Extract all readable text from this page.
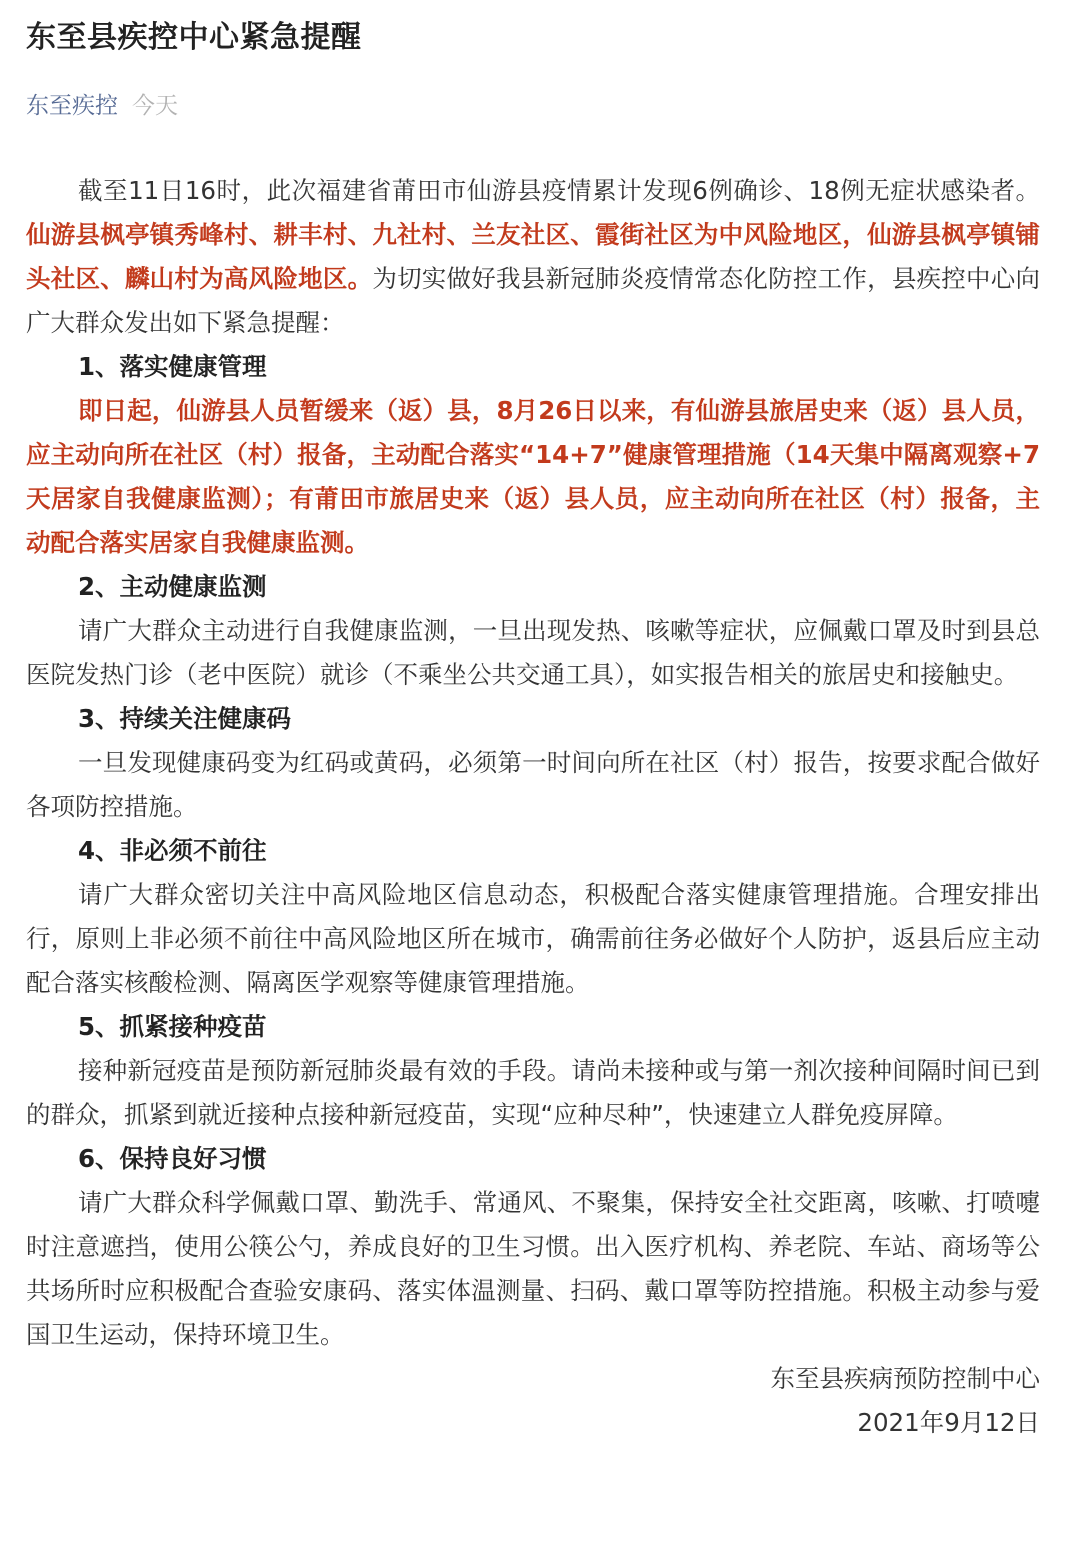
东至县疾控中心紧急提醒
东至疾控 今天

截至11日16时，此次福建省莆田市仙游县疫情累计发现6例确诊、18例无症状感染者。仙游县枫亭镇秀峰村、耕丰村、九社村、兰友社区、霞街社区为中风险地区，仙游县枫亭镇铺头社区、麟山村为高风险地区。为切实做好我县新冠肺炎疫情常态化防控工作，县疾控中心向广大群众发出如下紧急提醒：

1、落实健康管理

即日起，仙游县人员暂缓来（返）县，8月26日以来，有仙游县旅居史来（返）县人员，应主动向所在社区（村）报备，主动配合落实“14+7”健康管理措施（14天集中隔离观察+7天居家自我健康监测）；有莆田市旅居史来（返）县人员，应主动向所在社区（村）报备，主动配合落实居家自我健康监测。

2、主动健康监测

请广大群众主动进行自我健康监测，一旦出现发热、咳嗽等症状，应佩戴口罩及时到县总医院发热门诊（老中医院）就诊（不乘坐公共交通工具），如实报告相关的旅居史和接触史。

3、持续关注健康码

一旦发现健康码变为红码或黄码，必须第一时间向所在社区（村）报告，按要求配合做好各项防控措施。

4、非必须不前往

请广大群众密切关注中高风险地区信息动态，积极配合落实健康管理措施。合理安排出行，原则上非必须不前往中高风险地区所在城市，确需前往务必做好个人防护，返县后应主动配合落实核酸检测、隔离医学观察等健康管理措施。

5、抓紧接种疫苗

接种新冠疫苗是预防新冠肺炎最有效的手段。请尚未接种或与第一剂次接种间隔时间已到的群众，抓紧到就近接种点接种新冠疫苗，实现“应种尽种”，快速建立人群免疫屏障。

6、保持良好习惯

请广大群众科学佩戴口罩、勤洗手、常通风、不聚集，保持安全社交距离，咳嗽、打喷嚏时注意遮挡，使用公筷公勺，养成良好的卫生习惯。出入医疗机构、养老院、车站、商场等公共场所时应积极配合查验安康码、落实体温测量、扫码、戴口罩等防控措施。积极主动参与爱国卫生运动，保持环境卫生。

东至县疾病预防控制中心
2021年9月12日
